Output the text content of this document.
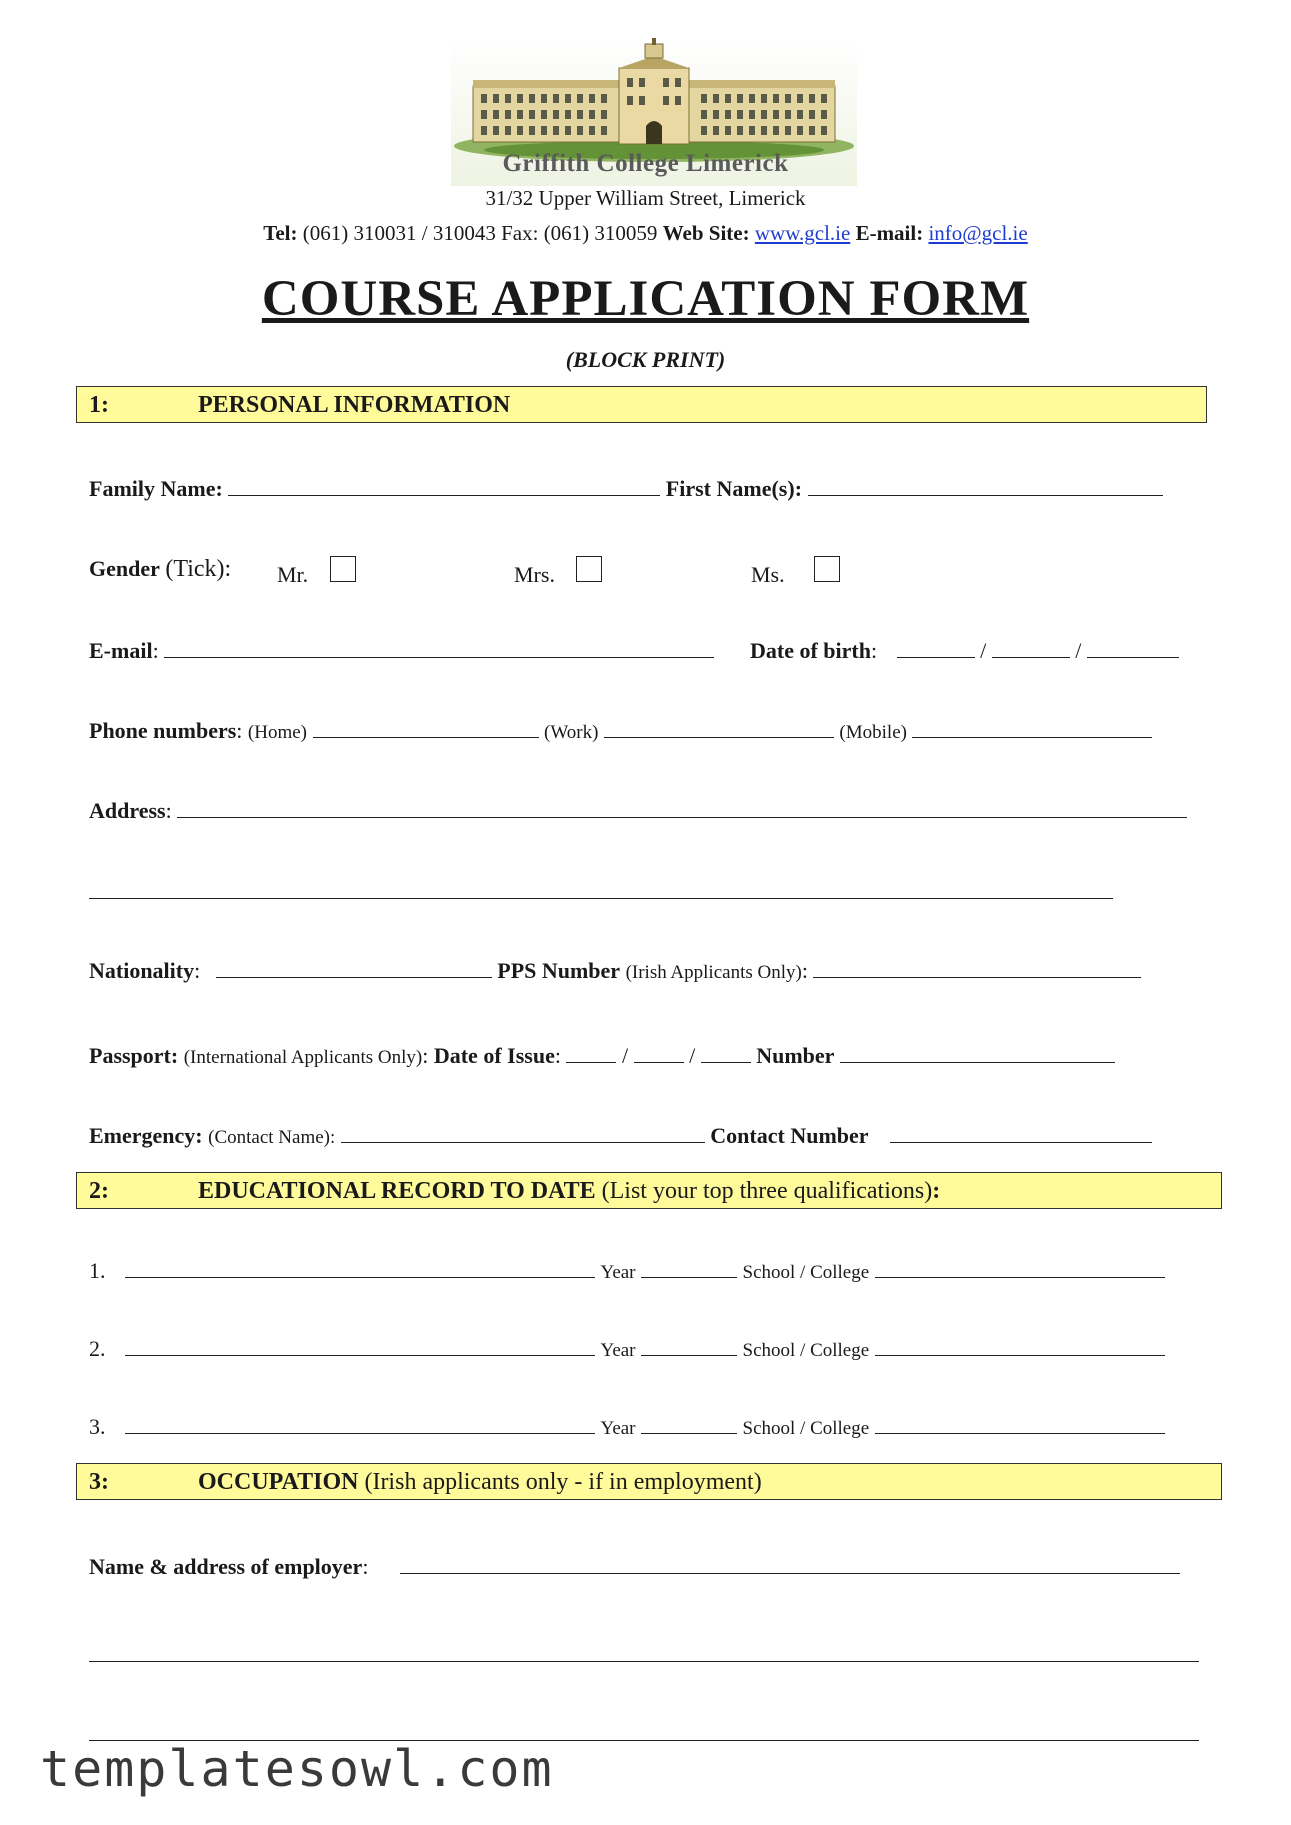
Griffith College Limerick
31/32 Upper William Street, Limerick
Tel: (061) 310031 / 310043 Fax: (061) 310059 Web Site: www.gcl.ie E-mail: info@gcl.ie
COURSE APPLICATION FORM
(BLOCK PRINT)
1:	PERSONAL INFORMATION
Family Name:	First Name(s):
Gender (Tick): Mr.	Mrs.	Ms.
E-mail:	Date of birth:	/	/
Phone numbers: (Home)	(Work)	(Mobile)
Address:
Nationality:	PPS Number (Irish Applicants Only):
Passport: (International Applicants Only): Date of Issue:  /  /	Number
Emergency: (Contact Name):	Contact Number
2:	EDUCATIONAL RECORD TO DATE (List your top three qualifications):
1.	Year	School / College
2.	Year	School / College
3.	Year	School / College
3:	OCCUPATION (Irish applicants only - if in employment)
Name & address of employer:
templatesowl.com
